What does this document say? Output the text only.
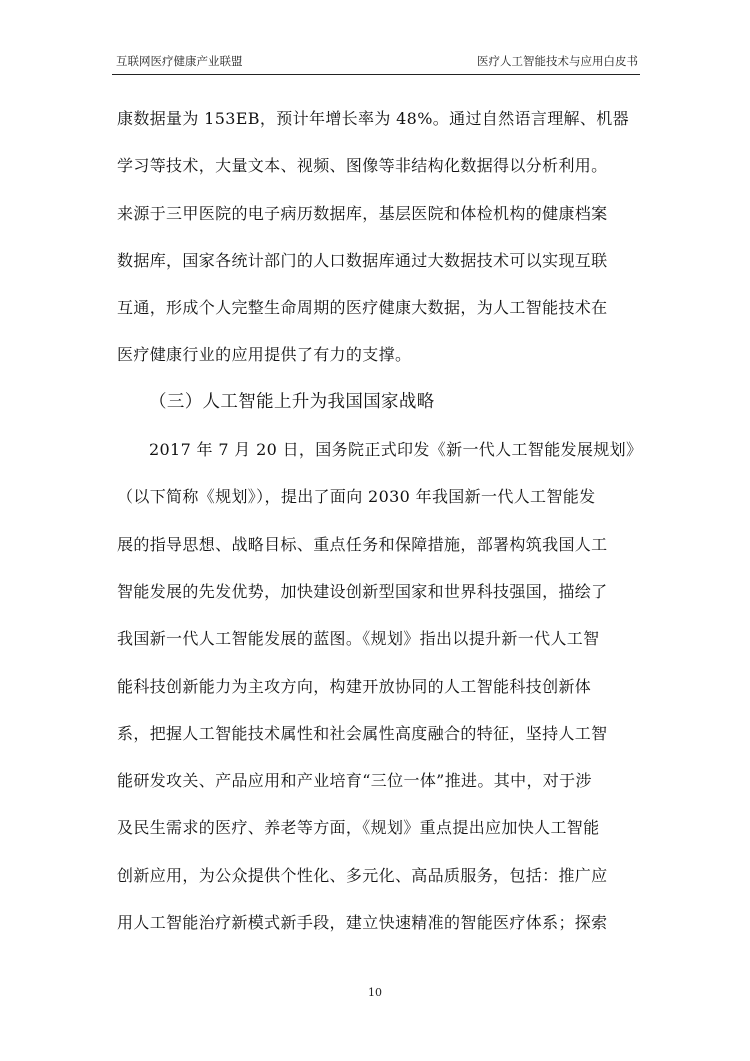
互联网医疗健康产业联盟	医疗人工智能技术与应用白皮书
康数据量为 153EB，预计年增长率为 48%。通过自然语言理解、机器
学习等技术，大量文本、视频、图像等非结构化数据得以分析利用。
来源于三甲医院的电子病历数据库，基层医院和体检机构的健康档案
数据库，国家各统计部门的人口数据库通过大数据技术可以实现互联
互通，形成个人完整生命周期的医疗健康大数据，为人工智能技术在
医疗健康行业的应用提供了有力的支撑。
（三）人工智能上升为我国国家战略
2017 年 7 月 20 日，国务院正式印发《新一代人工智能发展规划》
（以下简称《规划》），提出了面向 2030 年我国新一代人工智能发
展的指导思想、战略目标、重点任务和保障措施，部署构筑我国人工
智能发展的先发优势，加快建设创新型国家和世界科技强国，描绘了
我国新一代人工智能发展的蓝图。《规划》指出以提升新一代人工智
能科技创新能力为主攻方向，构建开放协同的人工智能科技创新体
系，把握人工智能技术属性和社会属性高度融合的特征，坚持人工智
能研发攻关、产品应用和产业培育“三位一体”推进。其中，对于涉
及民生需求的医疗、养老等方面，《规划》重点提出应加快人工智能
创新应用，为公众提供个性化、多元化、高品质服务，包括：推广应
用人工智能治疗新模式新手段，建立快速精准的智能医疗体系；探索
10
